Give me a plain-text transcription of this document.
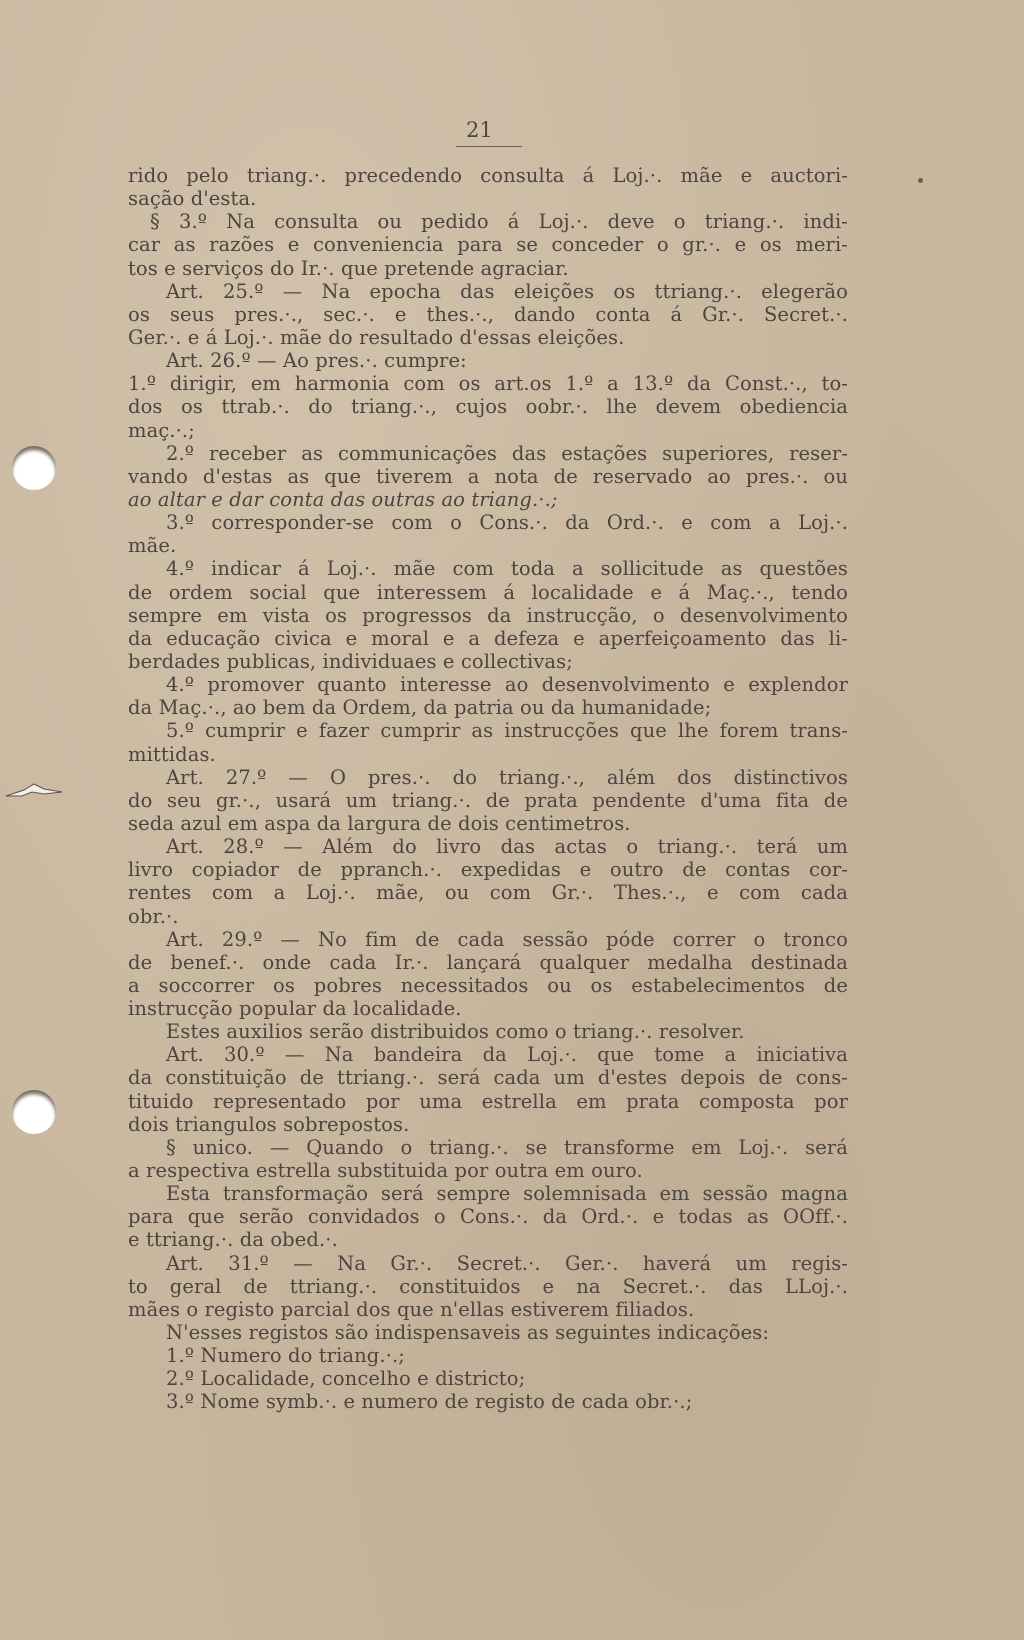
21
rido pelo triang.·. precedendo consulta á Loj.·. mãe e auctori-
sação d'esta.
§ 3.º Na consulta ou pedido á Loj.·. deve o triang.·. indi-
car as razões e conveniencia para se conceder o gr.·. e os meri-
tos e serviços do Ir.·. que pretende agraciar.
Art. 25.º — Na epocha das eleições os ttriang.·. elegerão
os seus pres.·., sec.·. e thes.·., dando conta á Gr.·. Secret.·.
Ger.·. e á Loj.·. mãe do resultado d'essas eleições.
Art. 26.º — Ao pres.·. cumpre:
1.º dirigir, em harmonia com os art.os 1.º a 13.º da Const.·., to-
dos os ttrab.·. do triang.·., cujos oobr.·. lhe devem obediencia
maç.·.;
2.º receber as communicações das estações superiores, reser-
vando d'estas as que tiverem a nota de reservado ao pres.·. ou
ao altar e dar conta das outras ao triang.·.;
3.º corresponder-se com o Cons.·. da Ord.·. e com a Loj.·.
mãe.
4.º indicar á Loj.·. mãe com toda a sollicitude as questões
de ordem social que interessem á localidade e á Maç.·., tendo
sempre em vista os progressos da instrucção, o desenvolvimento
da educação civica e moral e a defeza e aperfeiçoamento das li-
berdades publicas, individuaes e collectivas;
4.º promover quanto interesse ao desenvolvimento e explendor
da Maç.·., ao bem da Ordem, da patria ou da humanidade;
5.º cumprir e fazer cumprir as instrucções que lhe forem trans-
mittidas.
Art. 27.º — O pres.·. do triang.·., além dos distinctivos
do seu gr.·., usará um triang.·. de prata pendente d'uma fita de
seda azul em aspa da largura de dois centimetros.
Art. 28.º — Além do livro das actas o triang.·. terá um
livro copiador de ppranch.·. expedidas e outro de contas cor-
rentes com a Loj.·. mãe, ou com Gr.·. Thes.·., e com cada
obr.·.
Art. 29.º — No fim de cada sessão póde correr o tronco
de benef.·. onde cada Ir.·. lançará qualquer medalha destinada
a soccorrer os pobres necessitados ou os estabelecimentos de
instrucção popular da localidade.
Estes auxilios serão distribuidos como o triang.·. resolver.
Art. 30.º — Na bandeira da Loj.·. que tome a iniciativa
da constituição de ttriang.·. será cada um d'estes depois de cons-
tituido representado por uma estrella em prata composta por
dois triangulos sobrepostos.
§ unico. — Quando o triang.·. se transforme em Loj.·. será
a respectiva estrella substituida por outra em ouro.
Esta transformação será sempre solemnisada em sessão magna
para que serão convidados o Cons.·. da Ord.·. e todas as OOff.·.
e ttriang.·. da obed.·.
Art. 31.º — Na Gr.·. Secret.·. Ger.·. haverá um regis-
to geral de ttriang.·. constituidos e na Secret.·. das LLoj.·.
mães o registo parcial dos que n'ellas estiverem filiados.
N'esses registos são indispensaveis as seguintes indicações:
1.º Numero do triang.·.;
2.º Localidade, concelho e districto;
3.º Nome symb.·. e numero de registo de cada obr.·.;
